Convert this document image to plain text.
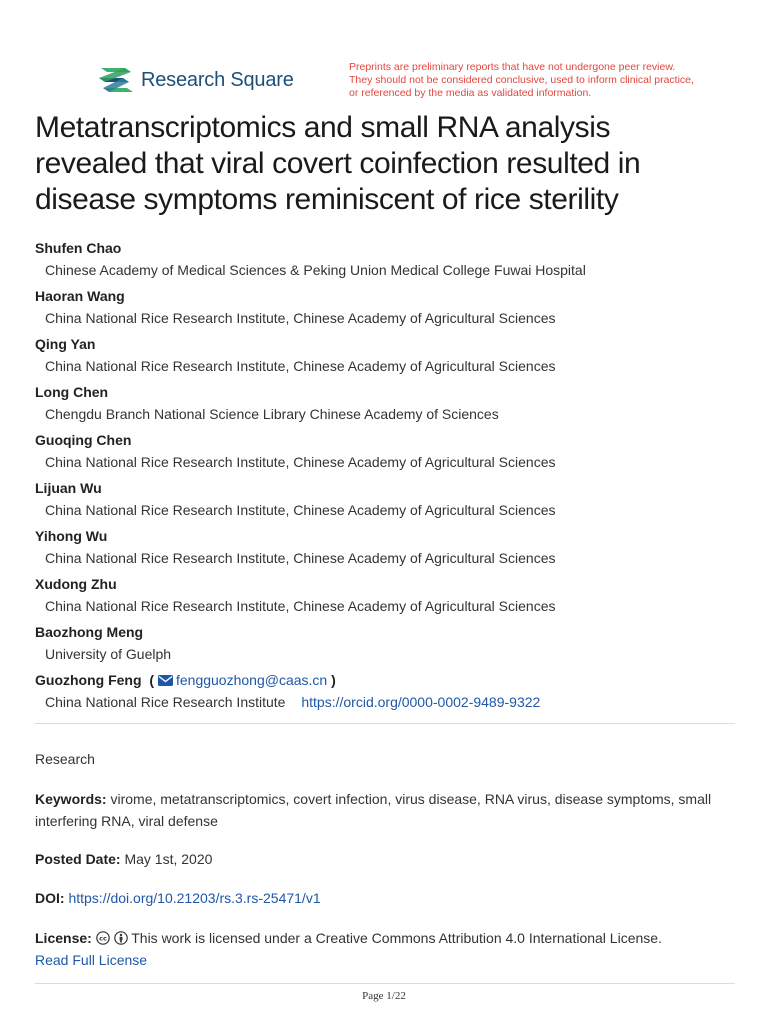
Research Square
Preprints are preliminary reports that have not undergone peer review.
They should not be considered conclusive, used to inform clinical practice,
or referenced by the media as validated information.
Metatranscriptomics and small RNA analysis
revealed that viral covert coinfection resulted in
disease symptoms reminiscent of rice sterility
Shufen Chao
Chinese Academy of Medical Sciences & Peking Union Medical College Fuwai Hospital
Haoran Wang
China National Rice Research Institute, Chinese Academy of Agricultural Sciences
Qing Yan
China National Rice Research Institute, Chinese Academy of Agricultural Sciences
Long Chen
Chengdu Branch National Science Library Chinese Academy of Sciences
Guoqing Chen
China National Rice Research Institute, Chinese Academy of Agricultural Sciences
Lijuan Wu
China National Rice Research Institute, Chinese Academy of Agricultural Sciences
Yihong Wu
China National Rice Research Institute, Chinese Academy of Agricultural Sciences
Xudong Zhu
China National Rice Research Institute, Chinese Academy of Agricultural Sciences
Baozhong Meng
University of Guelph
Guozhong Feng ( fengguozhong@caas.cn )
China National Rice Research Institute https://orcid.org/0000-0002-9489-9322
Research
Keywords: virome, metatranscriptomics, covert infection, virus disease, RNA virus, disease symptoms, small interfering RNA, viral defense
Posted Date: May 1st, 2020
DOI: https://doi.org/10.21203/rs.3.rs-25471/v1
License: cc This work is licensed under a Creative Commons Attribution 4.0 International License.
Read Full License
Page 1/22
